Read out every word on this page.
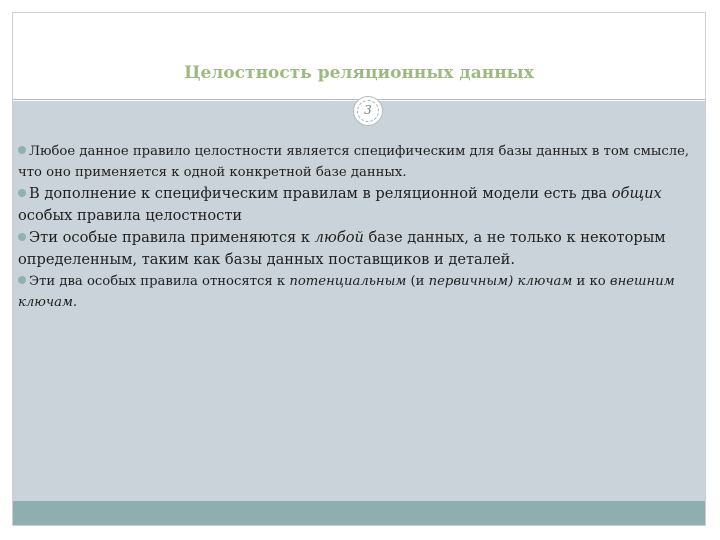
Целостность реляционных данных
Любое данное правило целостности является специфическим для базы данных в том смысле, что оно применяется к одной конкретной базе данных.
В дополнение к специфическим правилам в реляционной модели есть два общих особых правила целостности
Эти особые правила применяются к любой базе данных, а не только к некоторым определенным, таким как базы данных поставщиков и деталей.
Эти два особых правила относятся к потенциальным (и первичным) ключам и ко внешним ключам.
3
